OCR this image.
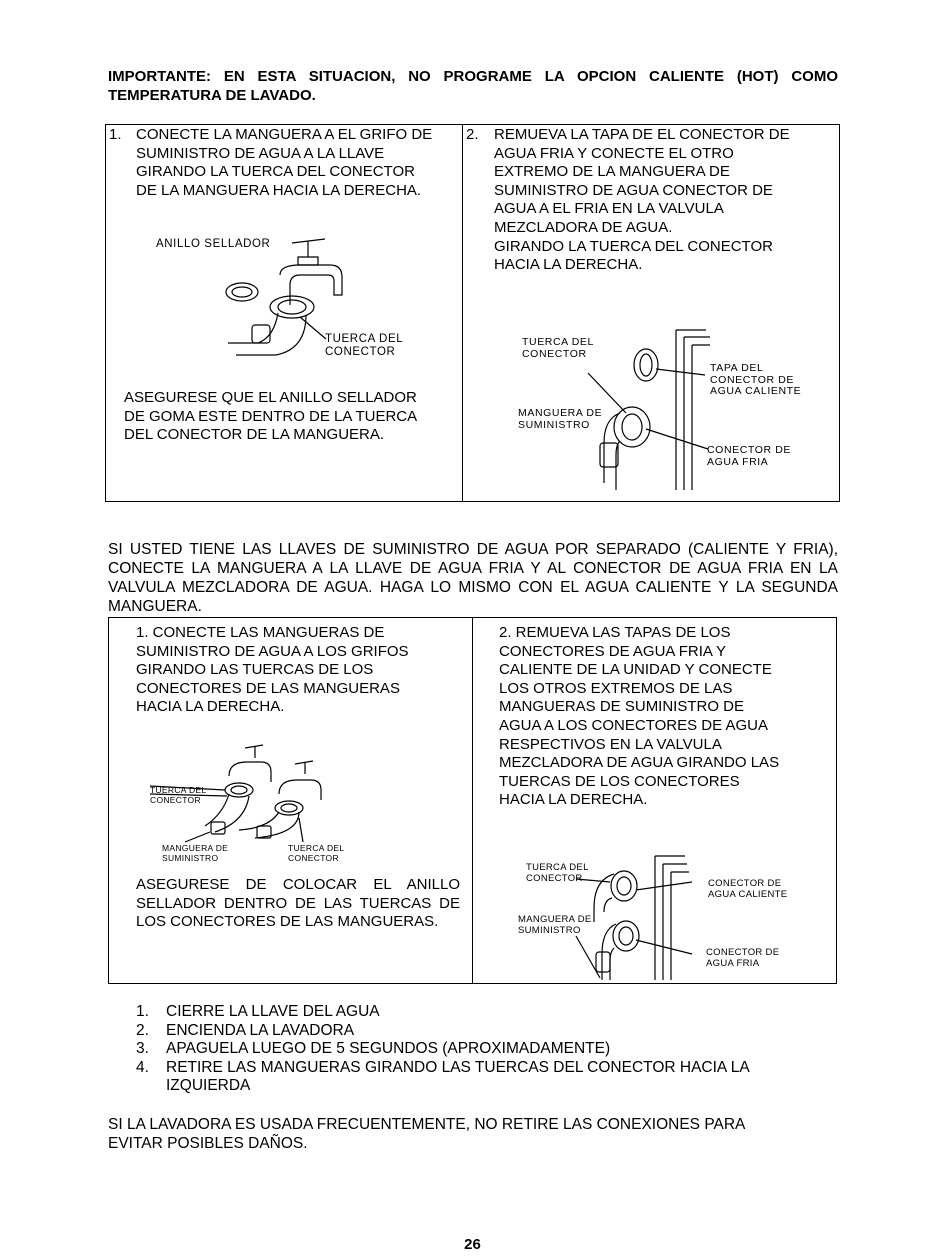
IMPORTANTE: EN ESTA SITUACION, NO PROGRAME LA OPCION CALIENTE (HOT) COMO TEMPERATURA DE LAVADO.
1. CONECTE LA MANGUERA A EL GRIFO DE
SUMINISTRO DE AGUA A LA LLAVE
GIRANDO LA TUERCA DEL CONECTOR
DE LA MANGUERA HACIA LA DERECHA.
ANILLO SELLADOR
TUERCA DEL
CONECTOR
ASEGURESE QUE EL ANILLO SELLADOR
DE GOMA ESTE DENTRO DE LA TUERCA
DEL CONECTOR DE LA MANGUERA.
2. REMUEVA LA TAPA DE EL CONECTOR DE
AGUA FRIA Y CONECTE EL OTRO
EXTREMO DE LA MANGUERA DE
SUMINISTRO DE AGUA CONECTOR DE
AGUA A EL FRIA EN LA VALVULA
MEZCLADORA DE AGUA.
GIRANDO LA TUERCA DEL CONECTOR
HACIA LA DERECHA.
TUERCA DEL
CONECTOR
TAPA DEL
CONECTOR DE
AGUA CALIENTE
MANGUERA DE
SUMINISTRO
CONECTOR DE
AGUA FRIA
SI USTED TIENE LAS LLAVES DE SUMINISTRO DE AGUA POR SEPARADO (CALIENTE Y FRIA), CONECTE LA MANGUERA A LA LLAVE DE AGUA FRIA Y AL CONECTOR DE AGUA FRIA EN LA VALVULA MEZCLADORA DE AGUA. HAGA LO MISMO CON EL AGUA CALIENTE Y LA SEGUNDA MANGUERA.
1. CONECTE LAS MANGUERAS DE
SUMINISTRO DE AGUA A LOS GRIFOS
GIRANDO LAS TUERCAS DE LOS
CONECTORES DE LAS MANGUERAS
HACIA LA DERECHA.
TUERCA DEL
CONECTOR
MANGUERA DE
SUMINISTRO
TUERCA DEL
CONECTOR
ASEGURESE DE COLOCAR EL ANILLO SELLADOR DENTRO DE LAS TUERCAS DE LOS CONECTORES DE LAS MANGUERAS.
2. REMUEVA LAS TAPAS DE LOS
CONECTORES DE AGUA FRIA Y
CALIENTE DE LA UNIDAD Y CONECTE
LOS OTROS EXTREMOS DE LAS
MANGUERAS DE SUMINISTRO DE
AGUA A LOS CONECTORES DE AGUA
RESPECTIVOS EN LA VALVULA
MEZCLADORA DE AGUA GIRANDO LAS
TUERCAS DE LOS CONECTORES
HACIA LA DERECHA.
TUERCA DEL
CONECTOR	CONECTOR DE
AGUA CALIENTE
MANGUERA DE
SUMINISTRO
CONECTOR DE
AGUA FRIA
1. CIERRE LA LLAVE DEL AGUA
2. ENCIENDA LA LAVADORA
3. APAGUELA LUEGO DE 5 SEGUNDOS (APROXIMADAMENTE)
4. RETIRE LAS MANGUERAS GIRANDO LAS TUERCAS DEL CONECTOR HACIA LA IZQUIERDA
SI LA LAVADORA ES USADA FRECUENTEMENTE, NO RETIRE LAS CONEXIONES PARA
EVITAR POSIBLES DAÑOS.
26
